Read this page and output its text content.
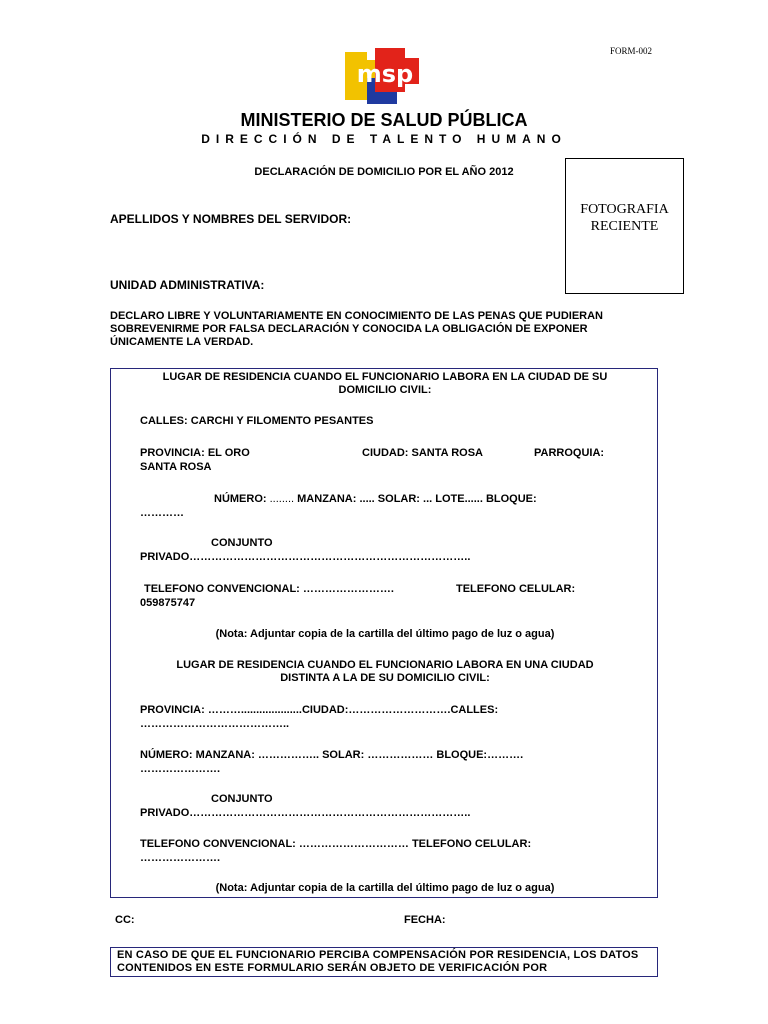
msp
FORM-002
MINISTERIO DE SALUD PÚBLICA
DIRECCIÓN DE TALENTO HUMANO
DECLARACIÓN DE DOMICILIO POR EL AÑO 2012
FOTOGRAFIA
RECIENTE
APELLIDOS Y NOMBRES DEL SERVIDOR:
UNIDAD ADMINISTRATIVA:
DECLARO LIBRE Y VOLUNTARIAMENTE EN CONOCIMIENTO DE LAS PENAS QUE PUDIERAN SOBREVENIRME POR FALSA DECLARACIÓN Y CONOCIDA LA OBLIGACIÓN DE EXPONER ÚNICAMENTE LA VERDAD.
LUGAR DE RESIDENCIA CUANDO EL FUNCIONARIO LABORA EN LA CIUDAD DE SU
DOMICILIO CIVIL:
CALLES: CARCHI Y FILOMENTO PESANTES
PROVINCIA: EL ORO	CIUDAD: SANTA ROSA	PARROQUIA:
SANTA ROSA
NÚMERO: ........ MANZANA: ..... SOLAR: ... LOTE...... BLOQUE:
…………
CONJUNTO
PRIVADO…………………………………………………………………..
TELEFONO CONVENCIONAL: …………………….	TELEFONO CELULAR:
059875747
(Nota: Adjuntar copia de la cartilla del último pago de luz o agua)
LUGAR DE RESIDENCIA CUANDO EL FUNCIONARIO LABORA EN UNA CIUDAD
DISTINTA A LA DE SU DOMICILIO CIVIL:
PROVINCIA: ………....................CIUDAD:……………………….CALLES:
…………………………………..
NÚMERO: MANZANA: …………….. SOLAR: ……………… BLOQUE:……….
………………….
CONJUNTO
PRIVADO…………………………………………………………………..
TELEFONO CONVENCIONAL: ………………………… TELEFONO CELULAR:
………………….
(Nota: Adjuntar copia de la cartilla del último pago de luz o agua)
CC:	FECHA:
EN CASO DE QUE EL FUNCIONARIO PERCIBA COMPENSACIÓN POR RESIDENCIA, LOS DATOS CONTENIDOS EN ESTE FORMULARIO SERÁN OBJETO DE VERIFICACIÓN POR
